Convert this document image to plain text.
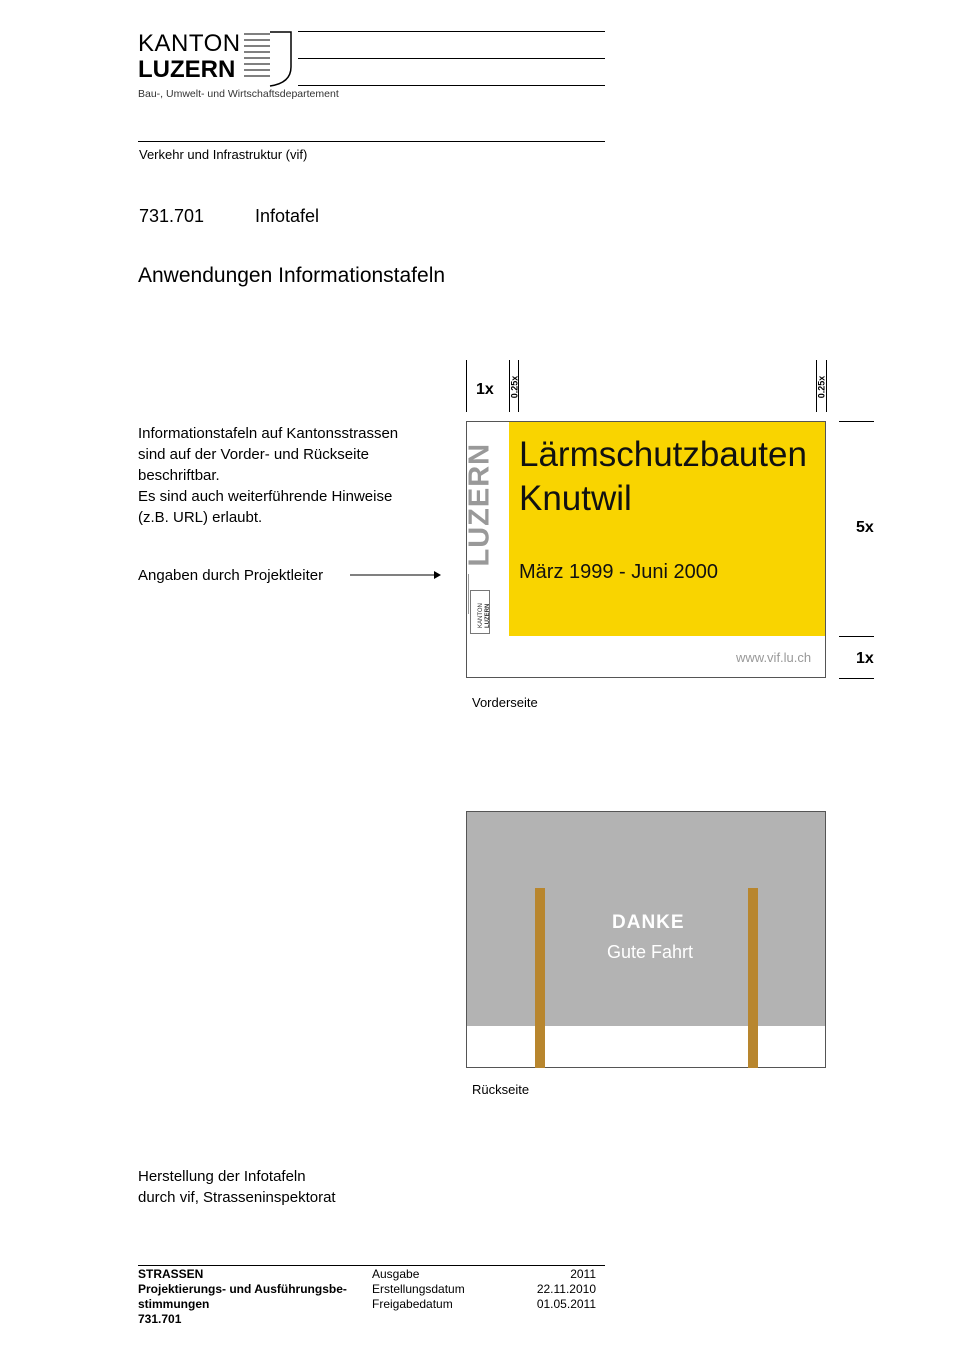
KANTON
LUZERN
Bau-, Umwelt- und Wirtschaftsdepartement
Verkehr und Infrastruktur (vif)
731.701	Infotafel
Anwendungen Informationstafeln
Informationstafeln auf Kantonsstrassen
sind auf der Vorder- und Rückseite
beschriftbar.
Es sind auch weiterführende Hinweise
(z.B. URL) erlaubt.
Angaben durch Projektleiter
1x 0.25x	0.25x
5x
1x
LUZERN
KANTON LUZERN
Lärmschutzbauten
Knutwil
März 1999 - Juni 2000
www.vif.lu.ch
Vorderseite
DANKE
Gute Fahrt
Rückseite
Herstellung der Infotafeln
durch vif, Strasseninspektorat
STRASSEN
Projektierungs- und Ausführungsbe-
stimmungen
731.701
Ausgabe
Erstellungsdatum
Freigabedatum
2011
22.11.2010
01.05.2011
